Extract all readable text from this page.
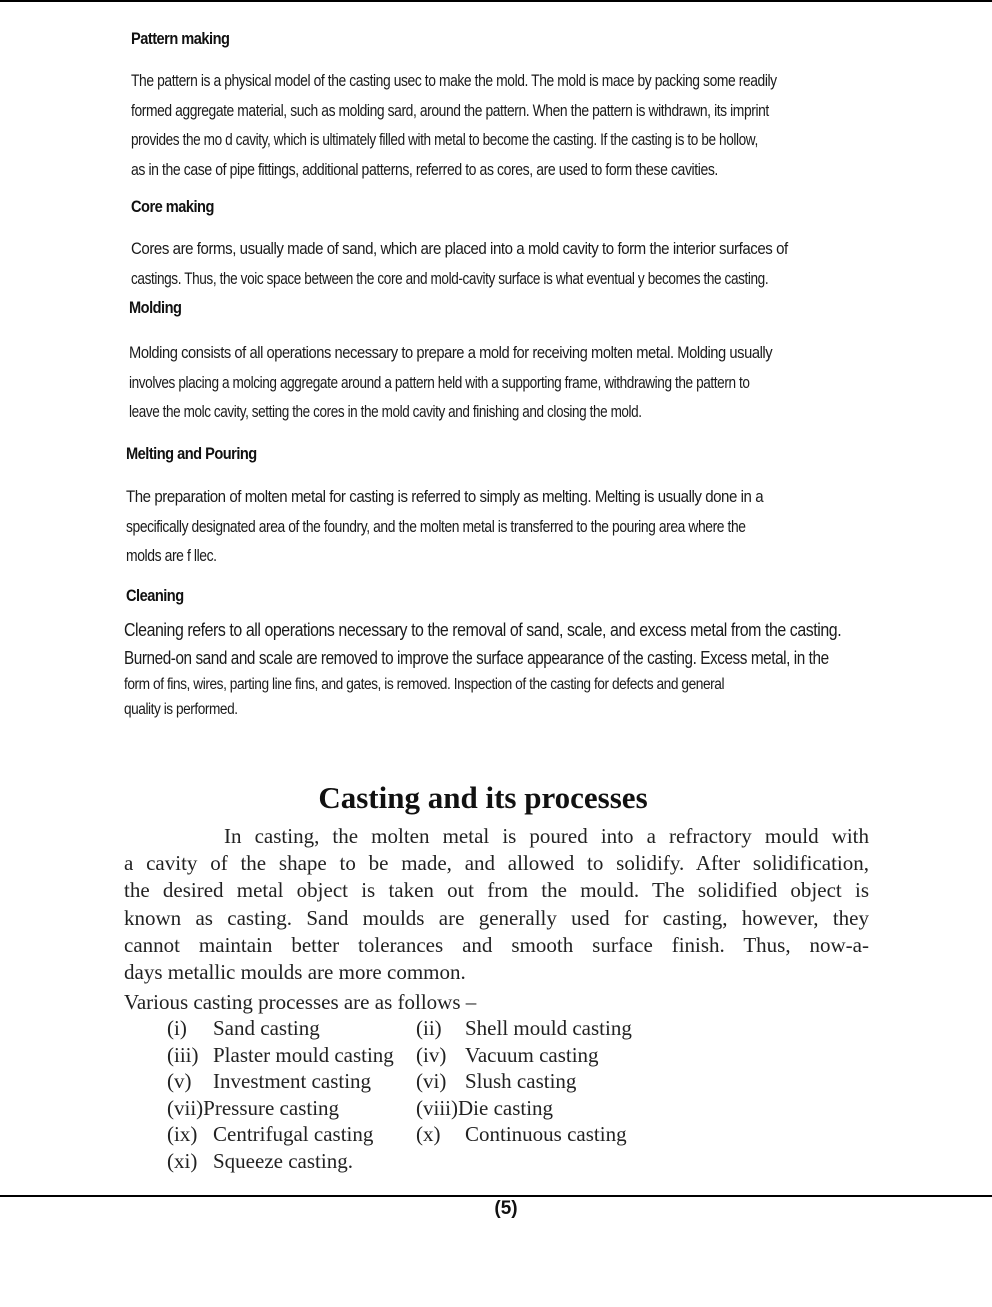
Pattern making
The pattern is a physical model of the casting usec to make the mold. The mold is mace by packing some readily
formed aggregate material, such as molding sard, around the pattern. When the pattern is withdrawn, its imprint
provides the mo d cavity, which is ultimately filled with metal to become the casting. If the casting is to be hollow,
as in the case of pipe fittings, additional patterns, referred to as cores, are used to form these cavities.
Core making
Cores are forms, usually made of sand, which are placed into a mold cavity to form the interior surfaces of
castings. Thus, the voic space between the core and mold-cavity surface is what eventual y becomes the casting.
Molding
Molding consists of all operations necessary to prepare a mold for receiving molten metal. Molding usually
involves placing a molcing aggregate around a pattern held with a supporting frame, withdrawing the pattern to
leave the molc cavity, setting the cores in the mold cavity and finishing and closing the mold.
Melting and Pouring
The preparation of molten metal for casting is referred to simply as melting. Melting is usually done in a
specifically designated area of the foundry, and the molten metal is transferred to the pouring area where the
molds are f llec.
Cleaning
Cleaning refers to all operations necessary to the removal of sand, scale, and excess metal from the casting.
Burned-on sand and scale are removed to improve the surface appearance of the casting. Excess metal, in the
form of fins, wires, parting line fins, and gates, is removed. Inspection of the casting for defects and general
quality is performed.
Casting and its processes
In casting, the molten metal is poured into a refractory mould with
a cavity of the shape to be made, and allowed to solidify. After solidification,
the desired metal object is taken out from the mould. The solidified object is
known as casting. Sand moulds are generally used for casting, however, they
cannot maintain better tolerances and smooth surface finish. Thus, now-a-
days metallic moulds are more common.
Various casting processes are as follows –
(i) Sand casting	(ii) Shell mould casting
(iii) Plaster mould casting (iv) Vacuum casting
(v) Investment casting (vi) Slush casting
(vii)Pressure casting	(viii)Die casting
(ix) Centrifugal casting (x) Continuous casting
(xi) Squeeze casting.
(5)
